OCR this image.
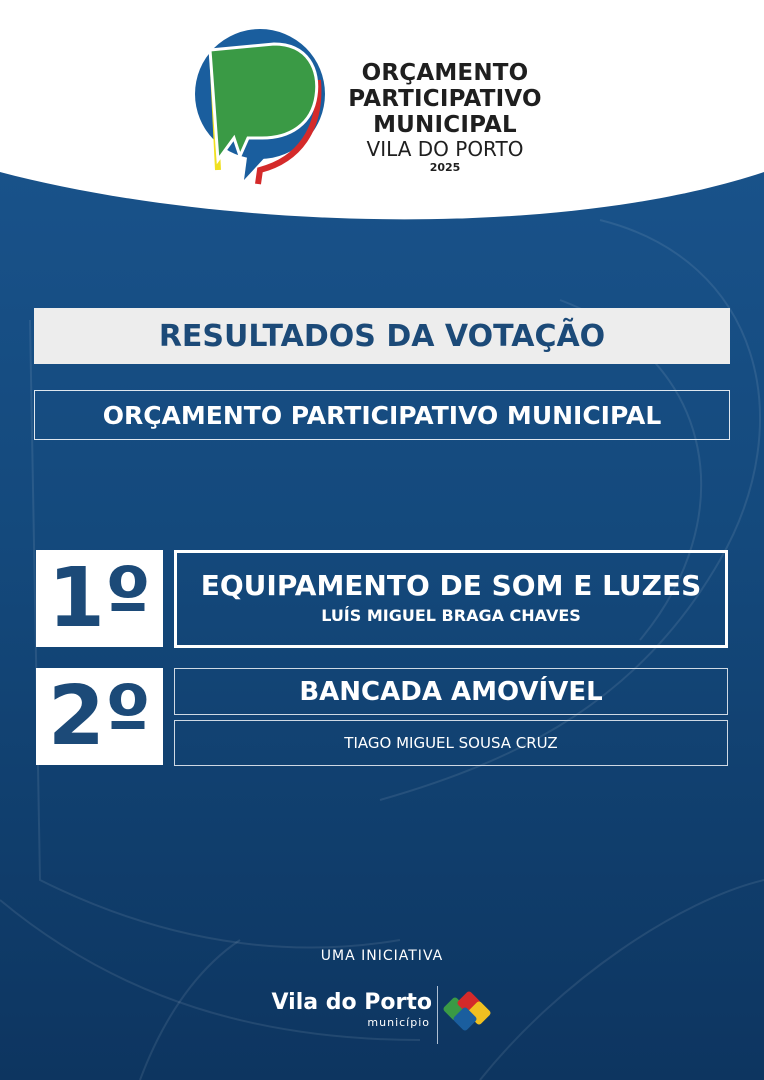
ORÇAMENTO
PARTICIPATIVO
MUNICIPAL
VILA DO PORTO
2025
RESULTADOS DA VOTAÇÃO
ORÇAMENTO PARTICIPATIVO MUNICIPAL
1º	EQUIPAMENTO DE SOM E LUZES
LUÍS MIGUEL BRAGA CHAVES
2º	BANCADA AMOVÍVEL
TIAGO MIGUEL SOUSA CRUZ
UMA INICIATIVA
Vila do Porto
município
